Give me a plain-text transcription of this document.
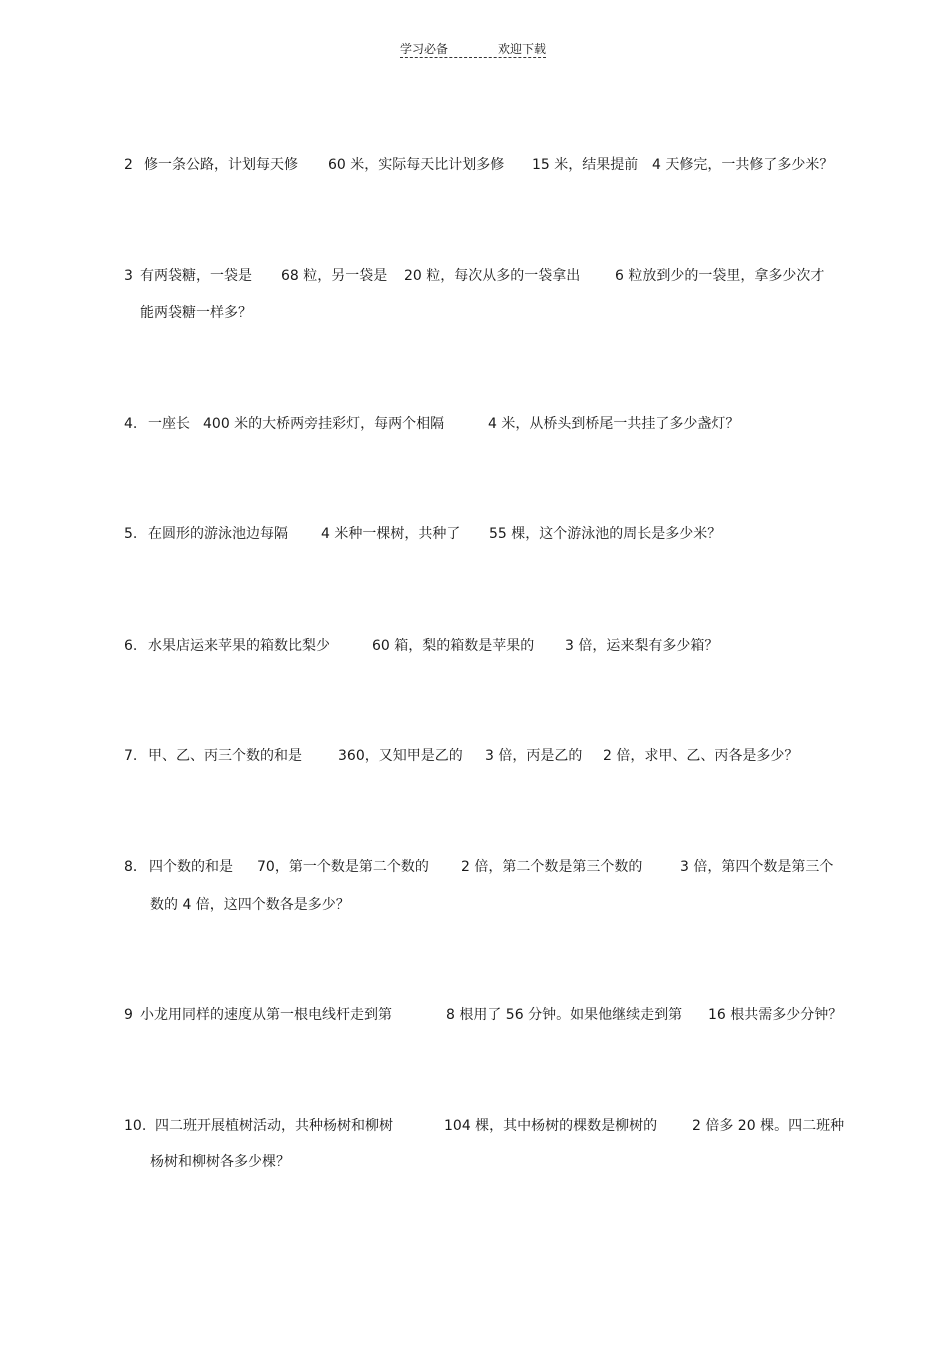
学习必备	欢迎下载
2 修一条公路，计划每天修 60 米，实际每天比计划多修 15 米，结果提前 4 天修完，一共修了多少米？
3 有两袋糖，一袋是 68 粒，另一袋是 20 粒，每次从多的一袋拿出 6 粒放到少的一袋里，拿多少次才
能两袋糖一样多？
4. 一座长 400 米的大桥两旁挂彩灯，每两个相隔	4 米，从桥头到桥尾一共挂了多少盏灯？
5. 在圆形的游泳池边每隔 4 米种一棵树，共种了 55 棵，这个游泳池的周长是多少米？
6. 水果店运来苹果的箱数比梨少	60 箱，梨的箱数是苹果的 3 倍，运来梨有多少箱？
7. 甲、乙、丙三个数的和是	360，又知甲是乙的 3 倍，丙是乙的 2 倍，求甲、乙、丙各是多少？
8． 四个数的和是 70，第一个数是第二个数的 2 倍，第二个数是第三个数的	3 倍，第四个数是第三个
数的 4 倍，这四个数各是多少？
9 小龙用同样的速度从第一根电线杆走到第	8 根用了 56 分钟。如果他继续走到第 16 根共需多少分钟？
10. 四二班开展植树活动，共种杨树和柳树	104 棵，其中杨树的棵数是柳树的 2 倍多 20 棵。四二班种
杨树和柳树各多少棵？
